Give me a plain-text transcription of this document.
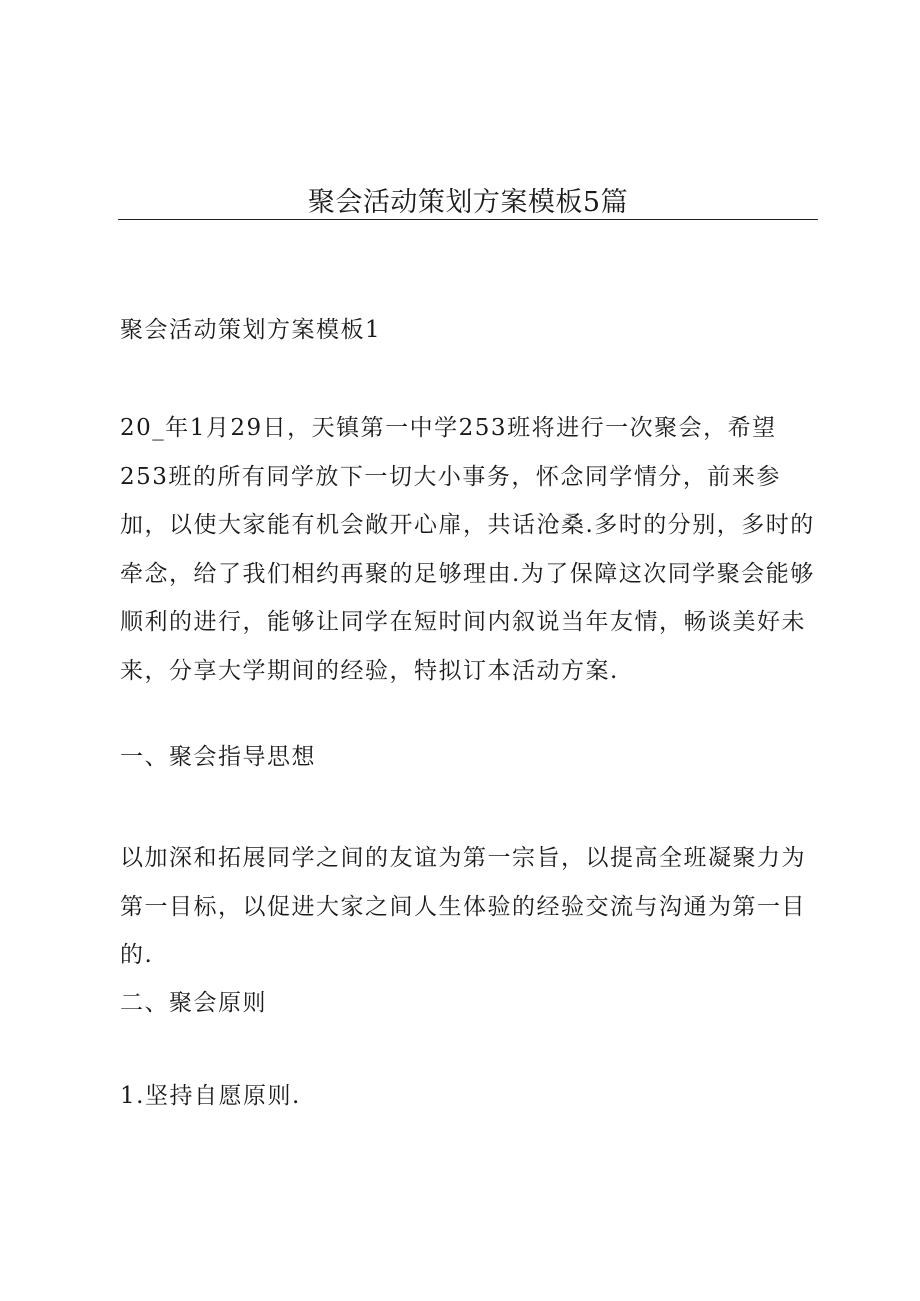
聚会活动策划方案模板5篇

聚会活动策划方案模板1

20_年1月29日，天镇第一中学253班将进行一次聚会，希望253班的所有同学放下一切大小事务，怀念同学情分，前来参加，以使大家能有机会敞开心扉，共话沧桑.多时的分别，多时的牵念，给了我们相约再聚的足够理由.为了保障这次同学聚会能够顺利的进行，能够让同学在短时间内叙说当年友情，畅谈美好未来，分享大学期间的经验，特拟订本活动方案.

一、聚会指导思想

以加深和拓展同学之间的友谊为第一宗旨，以提高全班凝聚力为第一目标，以促进大家之间人生体验的经验交流与沟通为第一目的.

二、聚会原则

1.坚持自愿原则.
